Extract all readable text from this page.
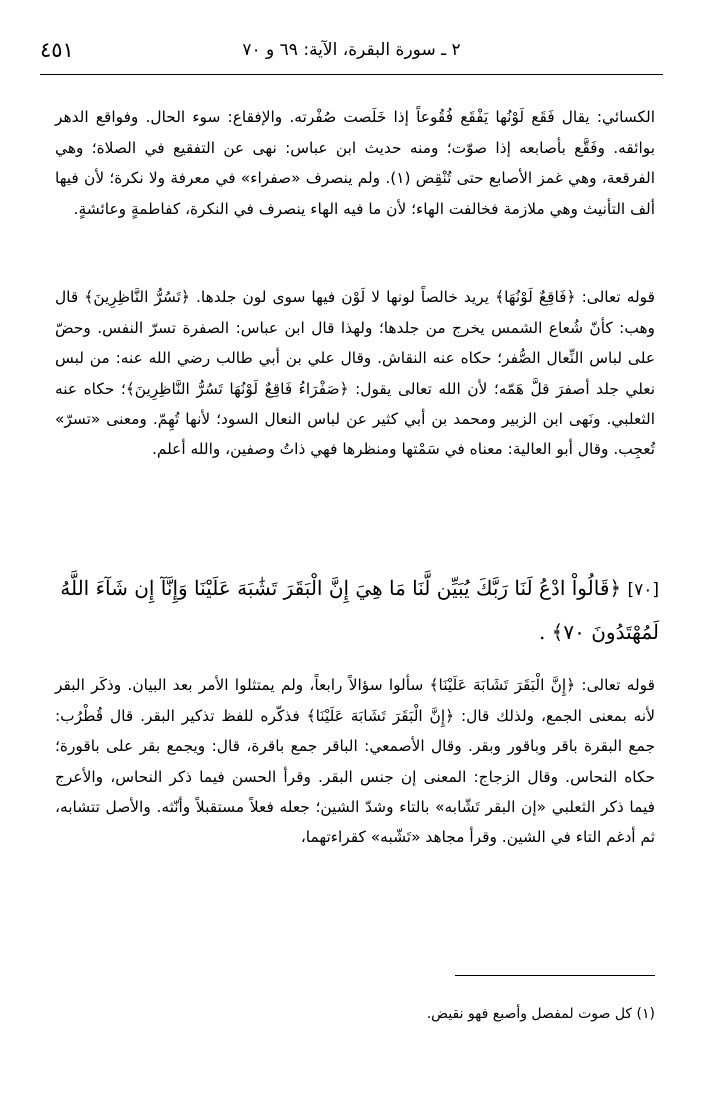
٢ ـ سورة البقرة، الآية: ٦٩ و ٧٠
٤٥١

الكسائي: يقال فَقَع لَوْنُها يَفْقَع فُقُوعاً إذا خَلَصت صُفْرته. والإفقاع: سوء الحال. وفواقع الدهر بوائقه. وفَقَّع بأصابعه إذا صوّت؛ ومنه حديث ابن عباس: نهى عن التفقيع في الصلاة؛ وهي الفرقعة، وهي غمز الأصابع حتى تُنْقِض (١). ولم ينصرف «صفراء» في معرفة ولا نكرة؛ لأن فيها ألف التأنيث وهي ملازمة فخالفت الهاء؛ لأن ما فيه الهاء ينصرف في النكرة، كفاطمةٍ وعائشةٍ.

قوله تعالى: ﴿فَاقِعٌ لَوْنُهَا﴾ يريد خالصاً لونها لا لَوْن فيها سوى لون جلدها. ﴿تَسُرُّ النَّاظِرِينَ﴾ قال وهب: كأنّ شُعاع الشمس يخرج من جلدها؛ ولهذا قال ابن عباس: الصفرة تسرّ النفس. وحضّ على لباس النِّعال الصُّفر؛ حكاه عنه النقاش. وقال علي بن أبي طالب رضي الله عنه: من لبس نعلي جلد أصفرَ قلَّ هَمّه؛ لأن الله تعالى يقول: ﴿صَفْرَاءُ فَاقِعٌ لَوْنُهَا تَسُرُّ النَّاظِرِينَ﴾؛ حكاه عنه الثعلبي. ونَهى ابن الزبير ومحمد بن أبي كثير عن لباس النعال السود؛ لأنها تُهِمّ. ومعنى «تسرّ» تُعجِب. وقال أبو العالية: معناه في سَمْتها ومنظرها فهي ذاتُ وصفين، والله أعلم.

[٧٠] ﴿قَالُواْ ادْعُ لَنَا رَبَّكَ يُبَيِّن لَّنَا مَا هِيَ إِنَّ الْبَقَرَ تَشَٰبَهَ عَلَيْنَا وَإِنَّآ إِن شَآءَ اللَّهُ لَمُهْتَدُونَ ٧٠﴾ .

قوله تعالى: ﴿إِنَّ الْبَقَرَ تَشَابَهَ عَلَيْنَا﴾ سألوا سؤالاً رابعاً، ولم يمتثلوا الأمر بعد البيان. وذكَر البقر لأنه بمعنى الجمع، ولذلك قال: ﴿إِنَّ الْبَقَرَ تَشَابَهَ عَلَيْنَا﴾ فذكّره للفظ تذكير البقر. قال قُطْرُب: جمع البقرة باقر وباقور وبقر. وقال الأصمعي: الباقر جمع باقرة، قال: ويجمع بقر على باقورة؛ حكاه النحاس. وقال الزجاج: المعنى إن جنس البقر. وقرأ الحسن فيما ذكر النحاس، والأعرج فيما ذكر الثعلبي «إن البقر تَشّابه» بالتاء وشدّ الشين؛ جعله فعلاً مستقبلاً وأنّثه. والأصل تتشابه، ثم أدغم التاء في الشين. وقرأ مجاهد «تَشّبه» كقراءتهما،

(١) كل صوت لمفصل وأصبع فهو نقيض.
